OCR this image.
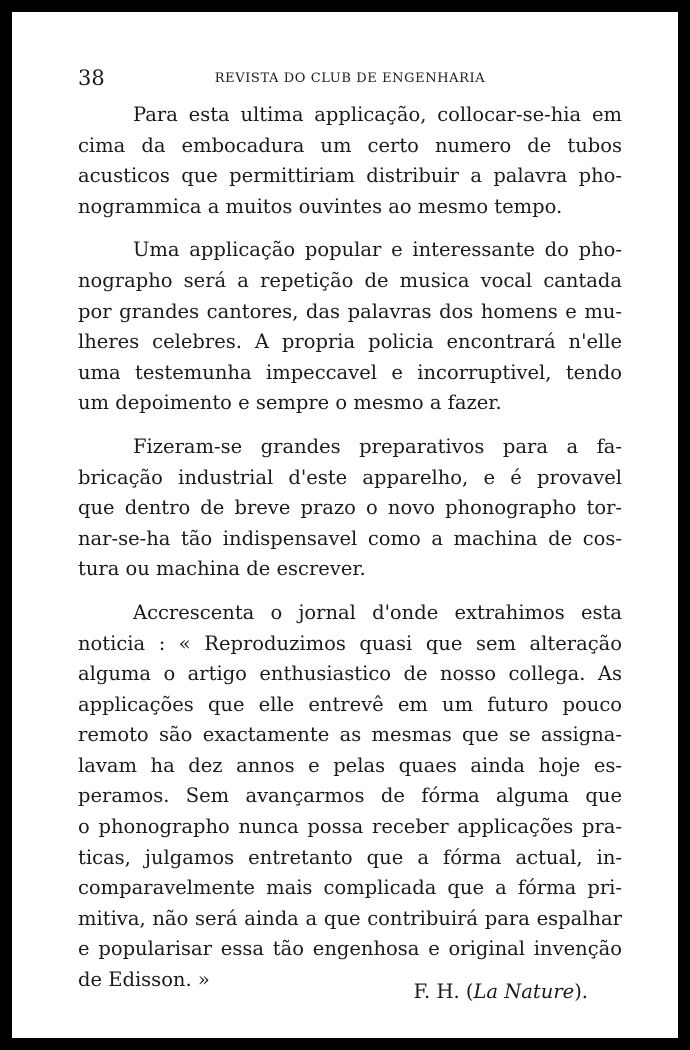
38	REVISTA DO CLUB DE ENGENHARIA

Para esta ultima applicação, collocar-se-hia em
cima da embocadura um certo numero de tubos
acusticos que permittiriam distribuir a palavra pho-
nogrammica a muitos ouvintes ao mesmo tempo.

Uma applicação popular e interessante do pho-
nographo será a repetição de musica vocal cantada
por grandes cantores, das palavras dos homens e mu-
lheres celebres. A propria policia encontrará n'elle
uma testemunha impeccavel e incorruptivel, tendo
um depoimento e sempre o mesmo a fazer.

Fizeram-se grandes preparativos para a fa-
bricação industrial d'este apparelho, e é provavel
que dentro de breve prazo o novo phonographo tor-
nar-se-ha tão indispensavel como a machina de cos-
tura ou machina de escrever.

Accrescenta o jornal d'onde extrahimos esta
noticia : « Reproduzimos quasi que sem alteração
alguma o artigo enthusiastico de nosso collega. As
applicações que elle entrevê em um futuro pouco
remoto são exactamente as mesmas que se assigna-
lavam ha dez annos e pelas quaes ainda hoje es-
peramos. Sem avançarmos de fórma alguma que
o phonographo nunca possa receber applicações pra-
ticas, julgamos entretanto que a fórma actual, in-
comparavelmente mais complicada que a fórma pri-
mitiva, não será ainda a que contribuirá para espalhar
e popularisar essa tão engenhosa e original invenção
de Edisson. »

F. H. (La Nature).
